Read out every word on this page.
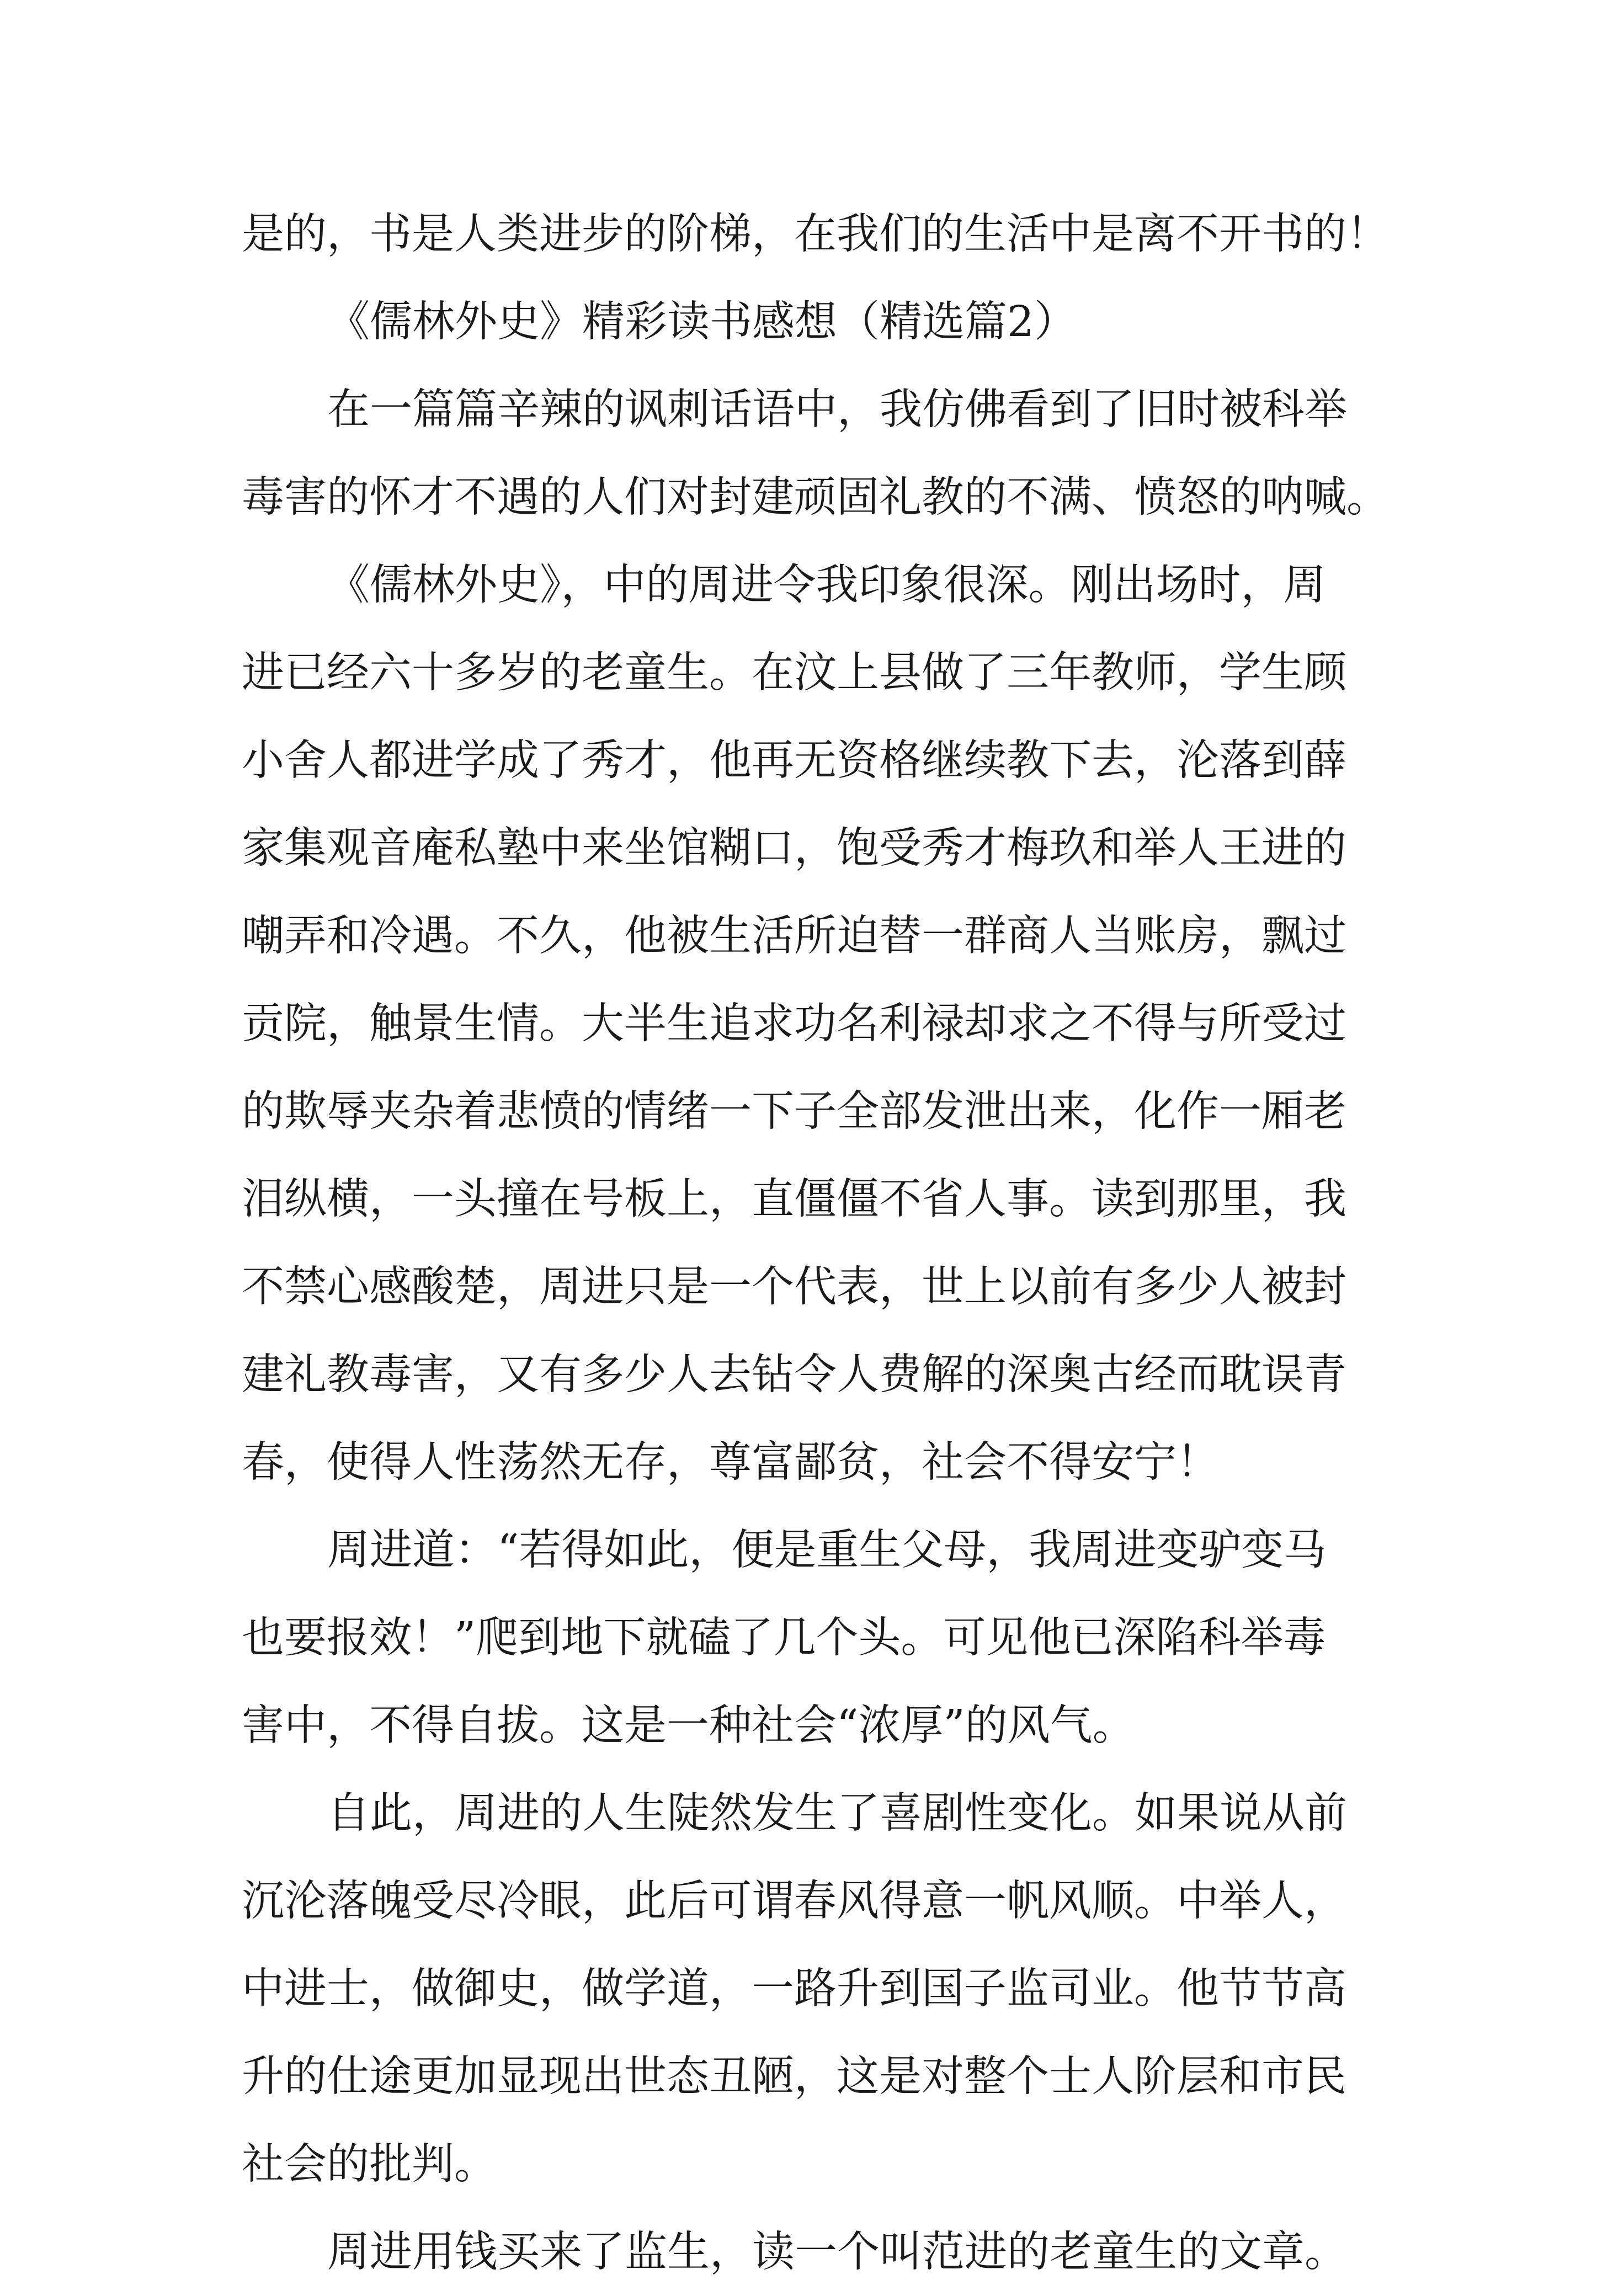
是的，书是人类进步的阶梯，在我们的生活中是离不开书的！
《儒林外史》精彩读书感想（精选篇2）
在一篇篇辛辣的讽刺话语中，我仿佛看到了旧时被科举
毒害的怀才不遇的人们对封建顽固礼教的不满、愤怒的呐喊。
《儒林外史》，中的周进令我印象很深。刚出场时，周
进已经六十多岁的老童生。在汶上县做了三年教师，学生顾
小舍人都进学成了秀才，他再无资格继续教下去，沦落到薛
家集观音庵私塾中来坐馆糊口，饱受秀才梅玖和举人王进的
嘲弄和冷遇。不久，他被生活所迫替一群商人当账房，飘过
贡院，触景生情。大半生追求功名利禄却求之不得与所受过
的欺辱夹杂着悲愤的情绪一下子全部发泄出来，化作一厢老
泪纵横，一头撞在号板上，直僵僵不省人事。读到那里，我
不禁心感酸楚，周进只是一个代表，世上以前有多少人被封
建礼教毒害，又有多少人去钻令人费解的深奥古经而耽误青
春，使得人性荡然无存，尊富鄙贫，社会不得安宁！
周进道：“若得如此，便是重生父母，我周进变驴变马
也要报效！”爬到地下就磕了几个头。可见他已深陷科举毒
害中，不得自拔。这是一种社会“浓厚”的风气。
自此，周进的人生陡然发生了喜剧性变化。如果说从前
沉沦落魄受尽冷眼，此后可谓春风得意一帆风顺。中举人，
中进士，做御史，做学道，一路升到国子监司业。他节节高
升的仕途更加显现出世态丑陋，这是对整个士人阶层和市民
社会的批判。
周进用钱买来了监生，读一个叫范进的老童生的文章。
